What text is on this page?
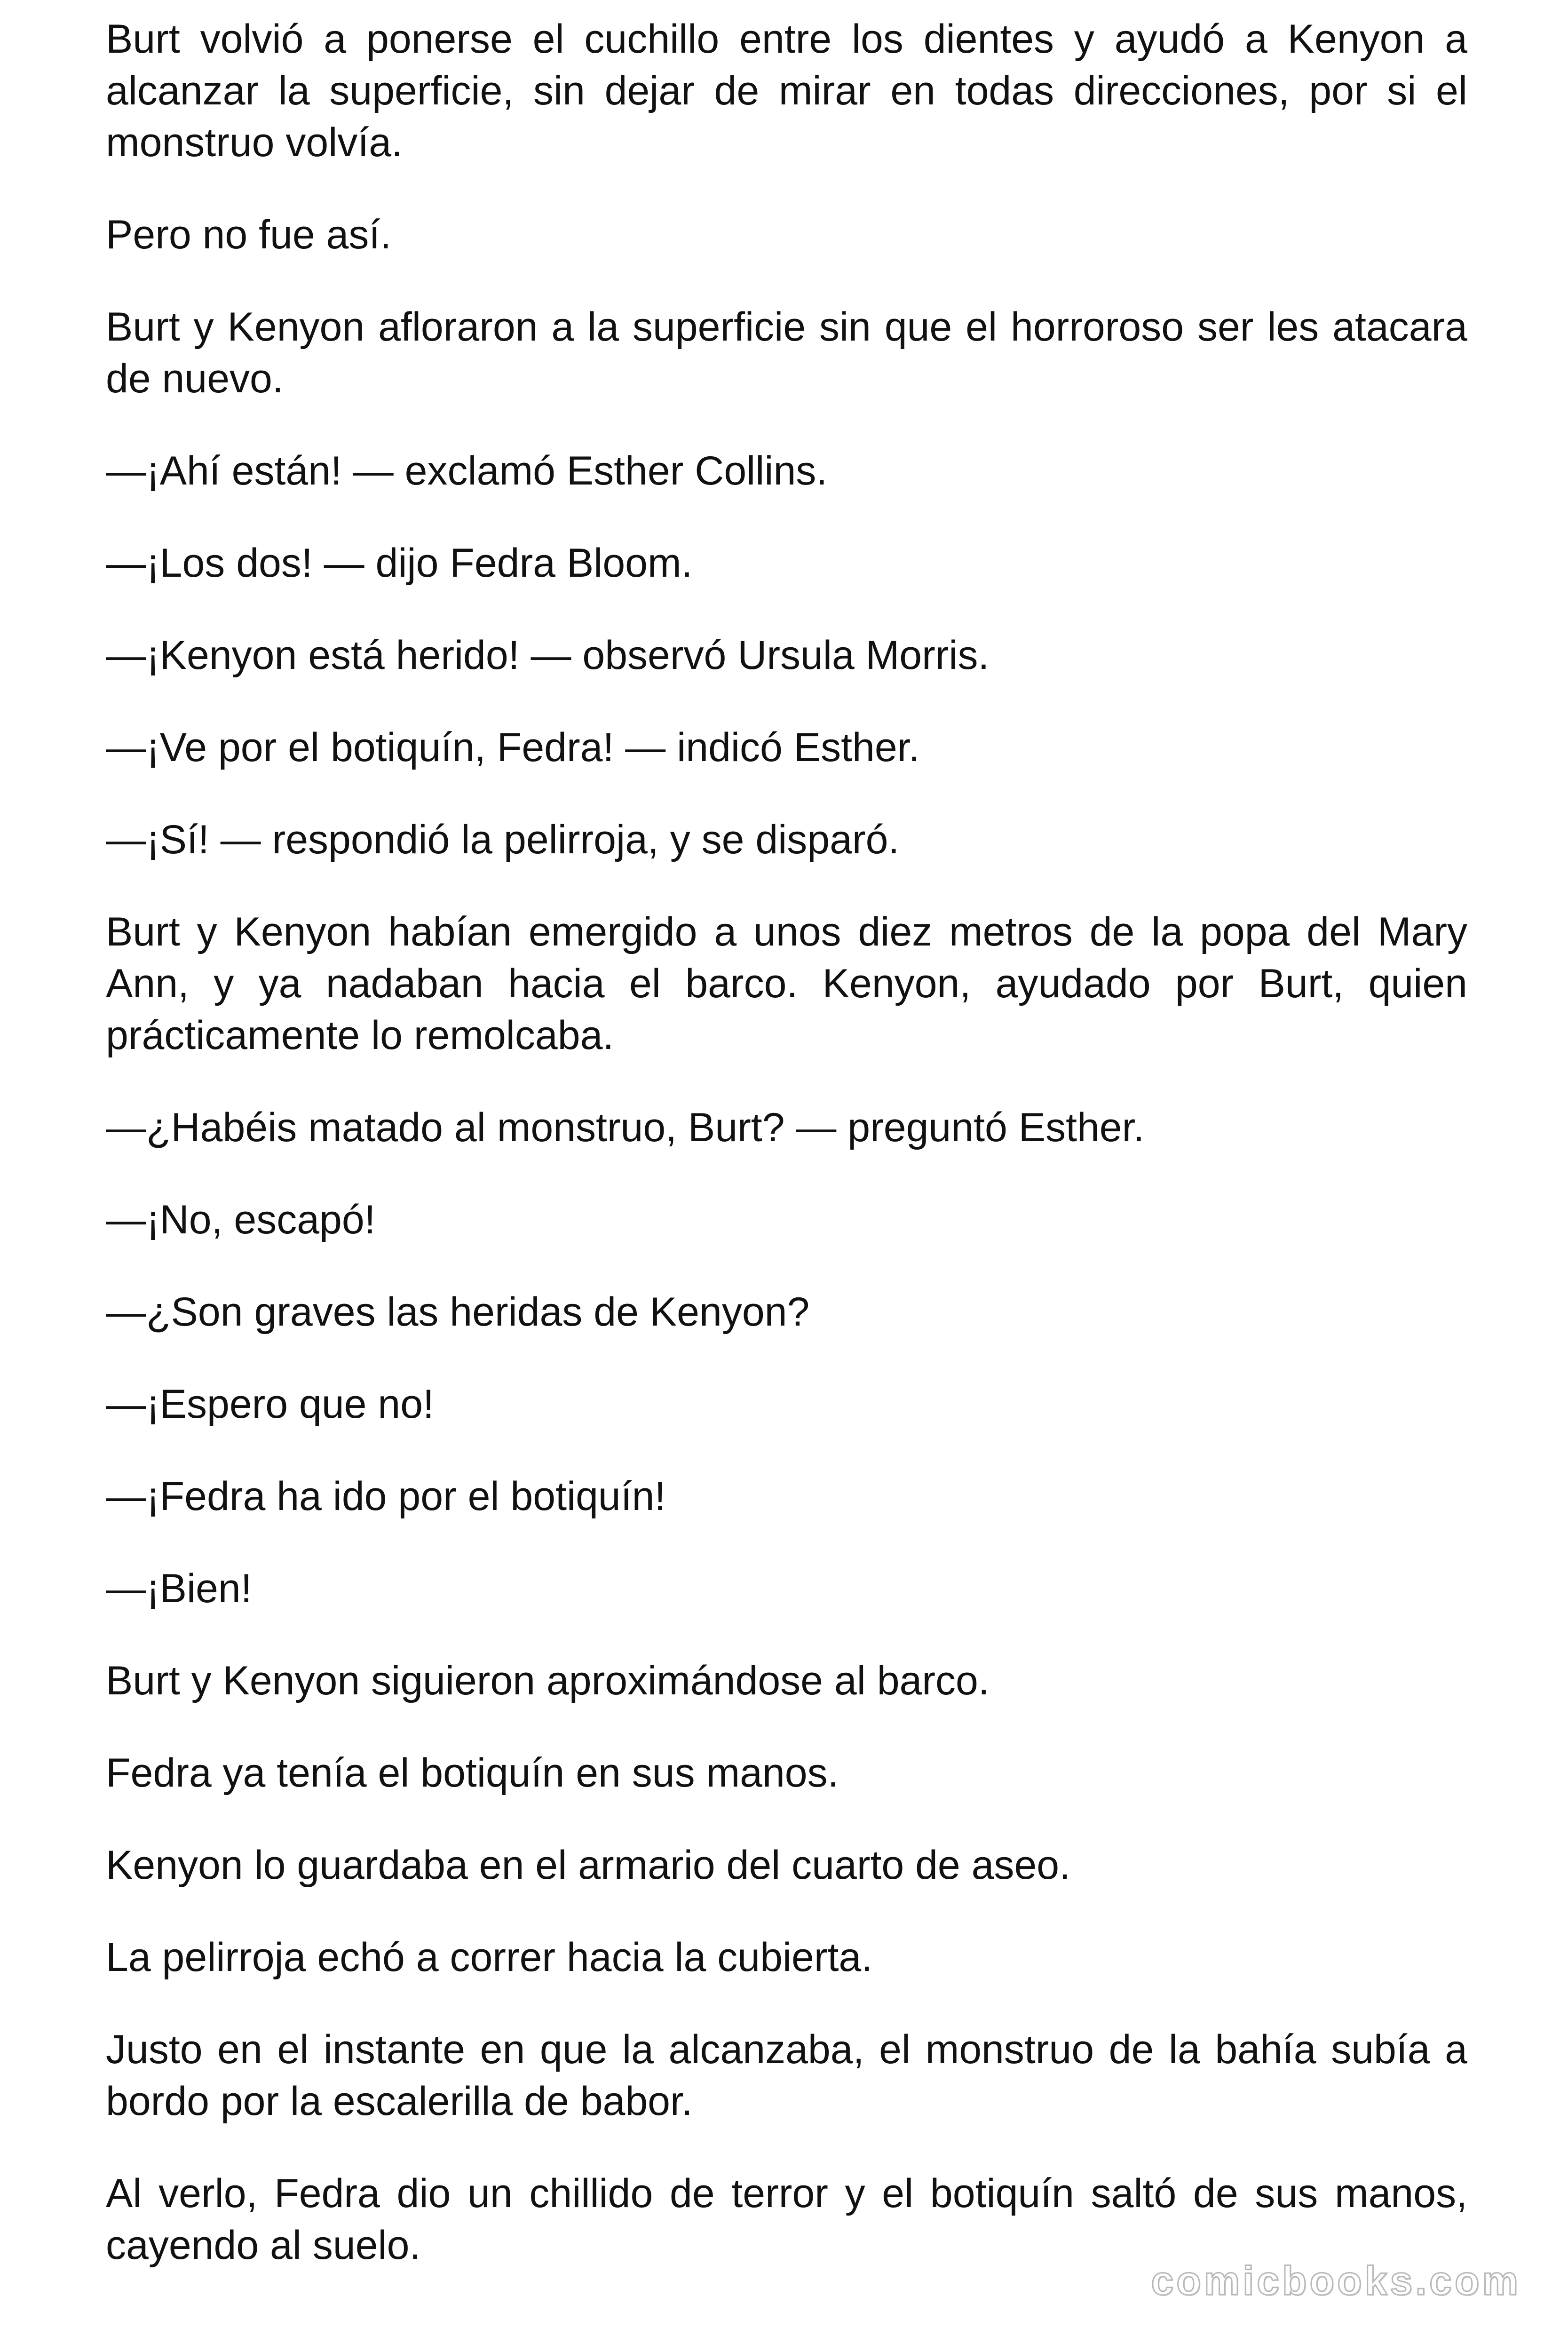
Burt volvió a ponerse el cuchillo entre los dientes y ayudó a Kenyon a alcanzar la superficie, sin dejar de mirar en todas direcciones, por si el monstruo volvía.

Pero no fue así.

Burt y Kenyon afloraron a la superficie sin que el horroroso ser les atacara de nuevo.

—¡Ahí están! — exclamó Esther Collins.

—¡Los dos! — dijo Fedra Bloom.

—¡Kenyon está herido! — observó Ursula Morris.

—¡Ve por el botiquín, Fedra! — indicó Esther.

—¡Sí! — respondió la pelirroja, y se disparó.

Burt y Kenyon habían emergido a unos diez metros de la popa del Mary Ann, y ya nadaban hacia el barco. Kenyon, ayudado por Burt, quien prácticamente lo remolcaba.

—¿Habéis matado al monstruo, Burt? — preguntó Esther.

—¡No, escapó!

—¿Son graves las heridas de Kenyon?

—¡Espero que no!

—¡Fedra ha ido por el botiquín!

—¡Bien!

Burt y Kenyon siguieron aproximándose al barco.

Fedra ya tenía el botiquín en sus manos.

Kenyon lo guardaba en el armario del cuarto de aseo.

La pelirroja echó a correr hacia la cubierta.

Justo en el instante en que la alcanzaba, el monstruo de la bahía subía a bordo por la escalerilla de babor.

Al verlo, Fedra dio un chillido de terror y el botiquín saltó de sus manos, cayendo al suelo.

comicbooks.com
